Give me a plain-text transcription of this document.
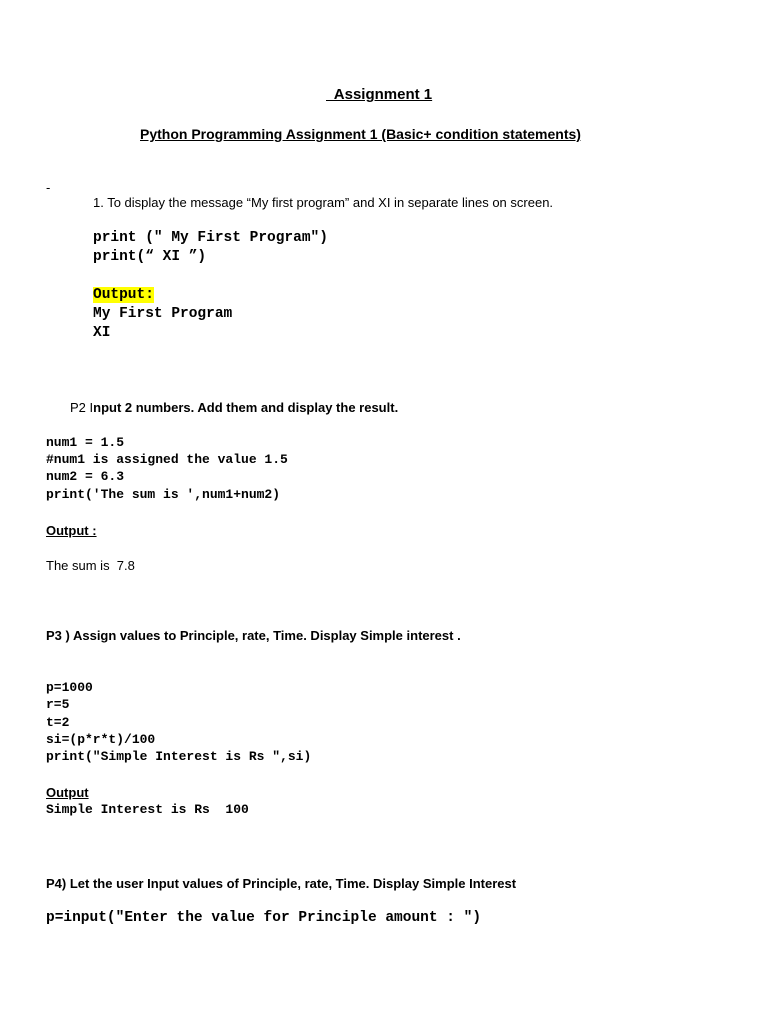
Assignment 1
Python Programming Assignment 1 (Basic+ condition statements)
-
1. To display the message “My first program” and XI in separate lines on screen.
print (" My First Program")
print(“ XI ”)
Output:
My First Program
XI
P2 Input 2 numbers. Add them and display the result.
num1 = 1.5
#num1 is assigned the value 1.5
num2 = 6.3
print('The sum is ',num1+num2)
Output :
The sum is  7.8
P3 ) Assign values to Principle, rate, Time. Display Simple interest .
p=1000
r=5
t=2
si=(p*r*t)/100
print("Simple Interest is Rs ",si)
Output
Simple Interest is Rs  100
P4) Let the user Input values of Principle, rate, Time. Display Simple Interest
p=input("Enter the value for Principle amount : ")
